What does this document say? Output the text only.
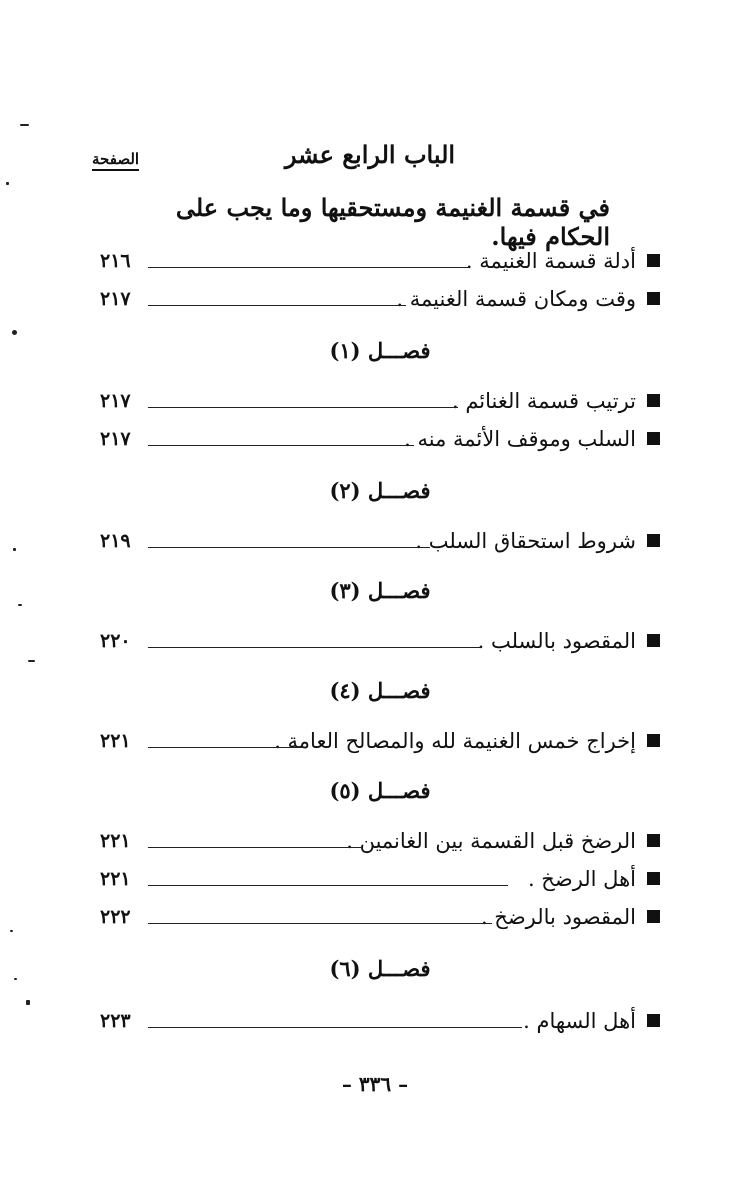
الباب الرابع عشر
الصفحة
في قسمة الغنيمة ومستحقيها وما يجب على الحكام فيها.
أدلة قسمة الغنيمة .
٢١٦
وقت ومكان قسمة الغنيمة .
٢١٧
فصـــل (١)
ترتيب قسمة الغنائم .
٢١٧
السلب وموقف الأئمة منه .
٢١٧
فصـــل (٢)
شروط استحقاق السلب .
٢١٩
فصـــل (٣)
المقصود بالسلب .
٢٢٠
فصـــل (٤)
إخراج خمس الغنيمة لله والمصالح العامة .
٢٢١
فصـــل (٥)
الرضخ قبل القسمة بين الغانمين .
٢٢١
أهل الرضخ .
٢٢١
المقصود بالرضخ .
٢٢٢
فصـــل (٦)
أهل السهام .
٢٢٣
– ٣٣٦ –
